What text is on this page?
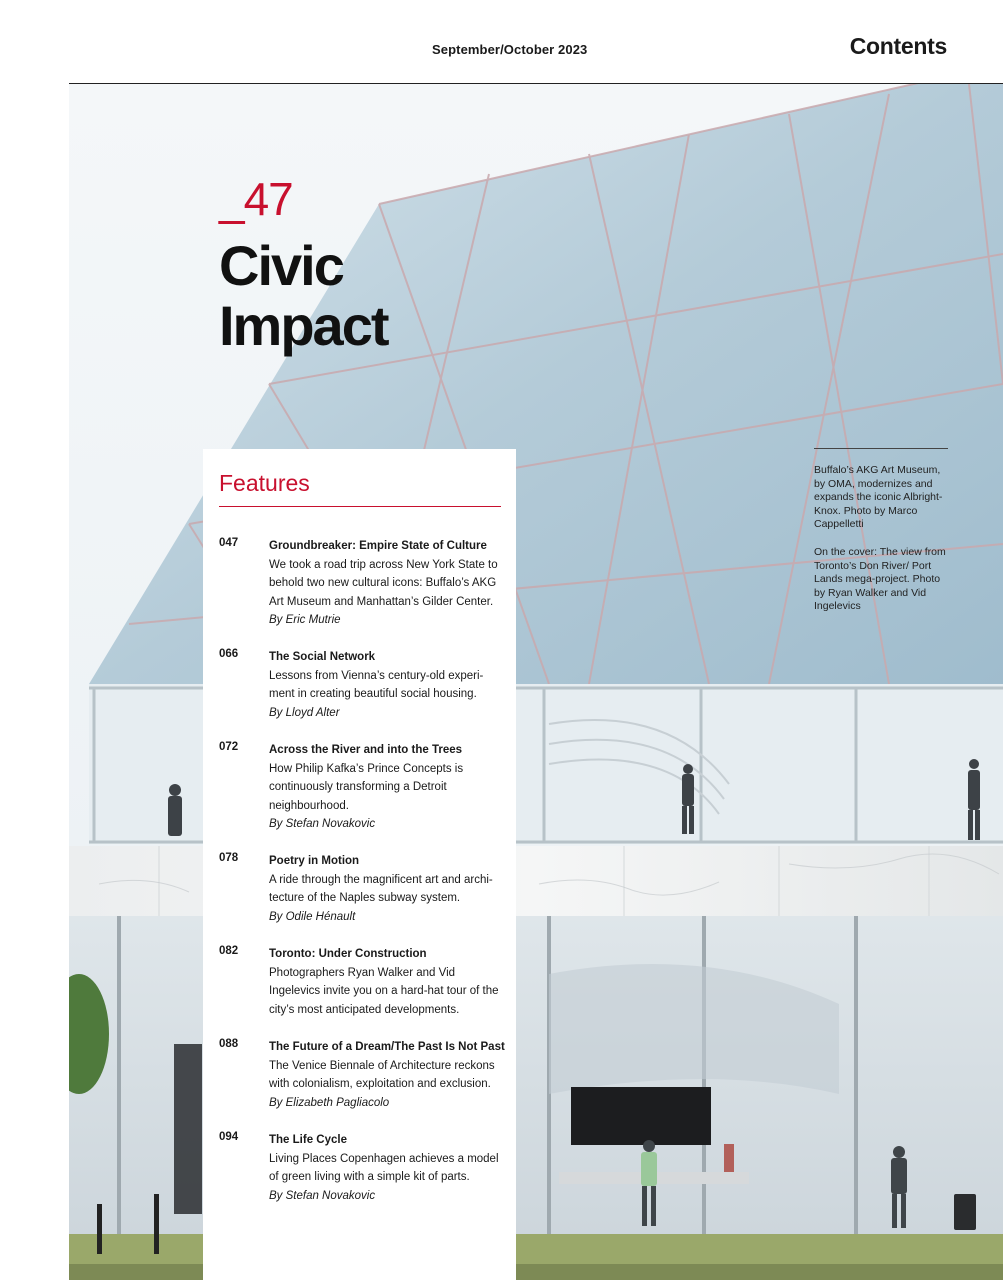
September/October 2023	Contents
_47
Civic
Impact
Features
047	Groundbreaker: Empire State of Culture
We took a road trip across New York State to behold two new cultural icons: Buffalo’s AKG Art Museum and Manhattan’s Gilder Center.
By Eric Mutrie
066	The Social Network
Lessons from Vienna’s century-old experi-ment in creating beautiful social housing.
By Lloyd Alter
072	Across the River and into the Trees
How Philip Kafka’s Prince Concepts is continuously transforming a Detroit neighbourhood.
By Stefan Novakovic
078	Poetry in Motion
A ride through the magnificent art and archi-tecture of the Naples subway system.
By Odile Hénault
082	Toronto: Under Construction
Photographers Ryan Walker and Vid Ingelevics invite you on a hard-hat tour of the city’s most anticipated developments.
088	The Future of a Dream/The Past Is Not Past
The Venice Biennale of Architecture reckons with colonialism, exploitation and exclusion.
By Elizabeth Pagliacolo
094	The Life Cycle
Living Places Copenhagen achieves a model of green living with a simple kit of parts.
By Stefan Novakovic

Buffalo’s AKG Art Museum, by OMA, modernizes and expands the iconic Albright-Knox. Photo by Marco Cappelletti

On the cover: The view from Toronto’s Don River/ Port Lands mega-project. Photo by Ryan Walker and Vid Ingelevics
